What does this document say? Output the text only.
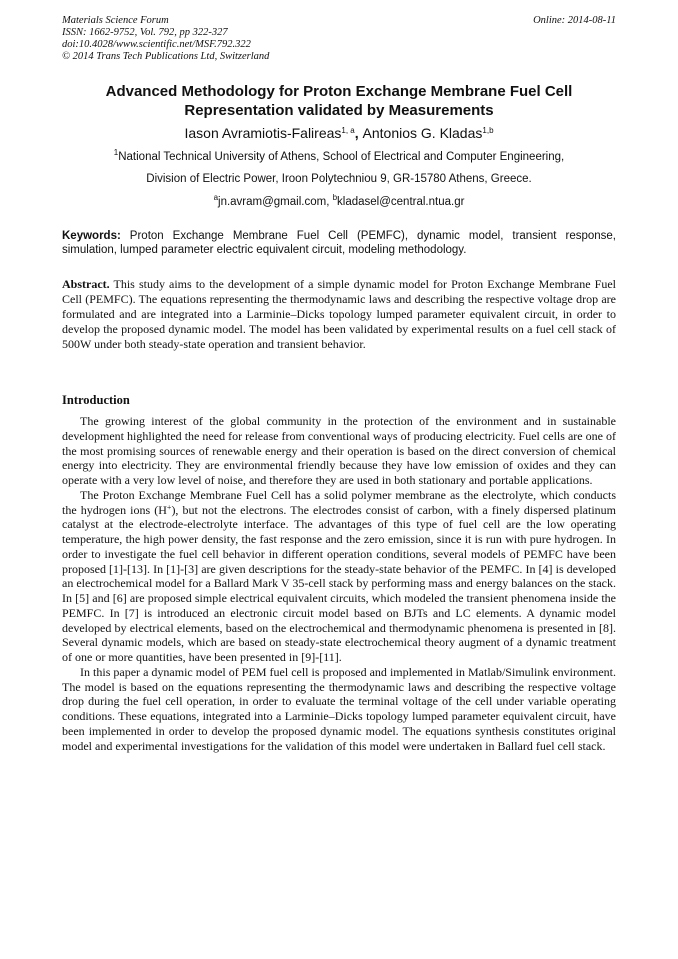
Materials Science Forum
ISSN: 1662-9752, Vol. 792, pp 322-327
doi:10.4028/www.scientific.net/MSF.792.322
© 2014 Trans Tech Publications Ltd, Switzerland
Online: 2014-08-11
Advanced Methodology for Proton Exchange Membrane Fuel Cell
Representation validated by Measurements
Iason Avramiotis-Falireas$^{1, a}$, Antonios G. Kladas$^{1,b}$
$^1$National Technical University of Athens, School of Electrical and Computer Engineering,
Division of Electric Power, Iroon Polytechniou 9, GR-15780 Athens, Greece.
$^a$jn.avram@gmail.com, $^b$kladasel@central.ntua.gr
Keywords: Proton Exchange Membrane Fuel Cell (PEMFC), dynamic model, transient response, simulation, lumped parameter electric equivalent circuit, modeling methodology.
Abstract. This study aims to the development of a simple dynamic model for Proton Exchange Membrane Fuel Cell (PEMFC). The equations representing the thermodynamic laws and describing the respective voltage drop are formulated and are integrated into a Larminie–Dicks topology lumped parameter equivalent circuit, in order to develop the proposed dynamic model. The model has been validated by experimental results on a fuel cell stack of 500W under both steady-state operation and transient behavior.
Introduction

The growing interest of the global community in the protection of the environment and in sustainable development highlighted the need for release from conventional ways of producing electricity. Fuel cells are one of the most promising sources of renewable energy and their operation is based on the direct conversion of chemical energy into electricity. They are environmental friendly because they have low emission of oxides and they can operate with a very low level of noise, and therefore they are used in both stationary and portable applications.

The Proton Exchange Membrane Fuel Cell has a solid polymer membrane as the electrolyte, which conducts the hydrogen ions (H+), but not the electrons. The electrodes consist of carbon, with a finely dispersed platinum catalyst at the electrode-electrolyte interface. The advantages of this type of fuel cell are the low operating temperature, the high power density, the fast response and the zero emission, since it is run with pure hydrogen. In order to investigate the fuel cell behavior in different operation conditions, several models of PEMFC have been proposed [1]-[13]. In [1]-[3] are given descriptions for the steady-state behavior of the PEMFC. In [4] is developed an electrochemical model for a Ballard Mark V 35-cell stack by performing mass and energy balances on the stack. In [5] and [6] are proposed simple electrical equivalent circuits, which modeled the transient phenomena inside the PEMFC. In [7] is introduced an electronic circuit model based on BJTs and LC elements. A dynamic model developed by electrical elements, based on the electrochemical and thermodynamic phenomena is presented in [8]. Several dynamic models, which are based on steady-state electrochemical theory augment of a dynamic treatment of one or more quantities, have been presented in [9]-[11].

In this paper a dynamic model of PEM fuel cell is proposed and implemented in Matlab/Simulink environment. The model is based on the equations representing the thermodynamic laws and describing the respective voltage drop during the fuel cell operation, in order to evaluate the terminal voltage of the cell under variable operating conditions. These equations, integrated into a Larminie–Dicks topology lumped parameter equivalent circuit, have been implemented in order to develop the proposed dynamic model. The equations synthesis constitutes original model and experimental investigations for the validation of this model were undertaken in Ballard fuel cell stack.
